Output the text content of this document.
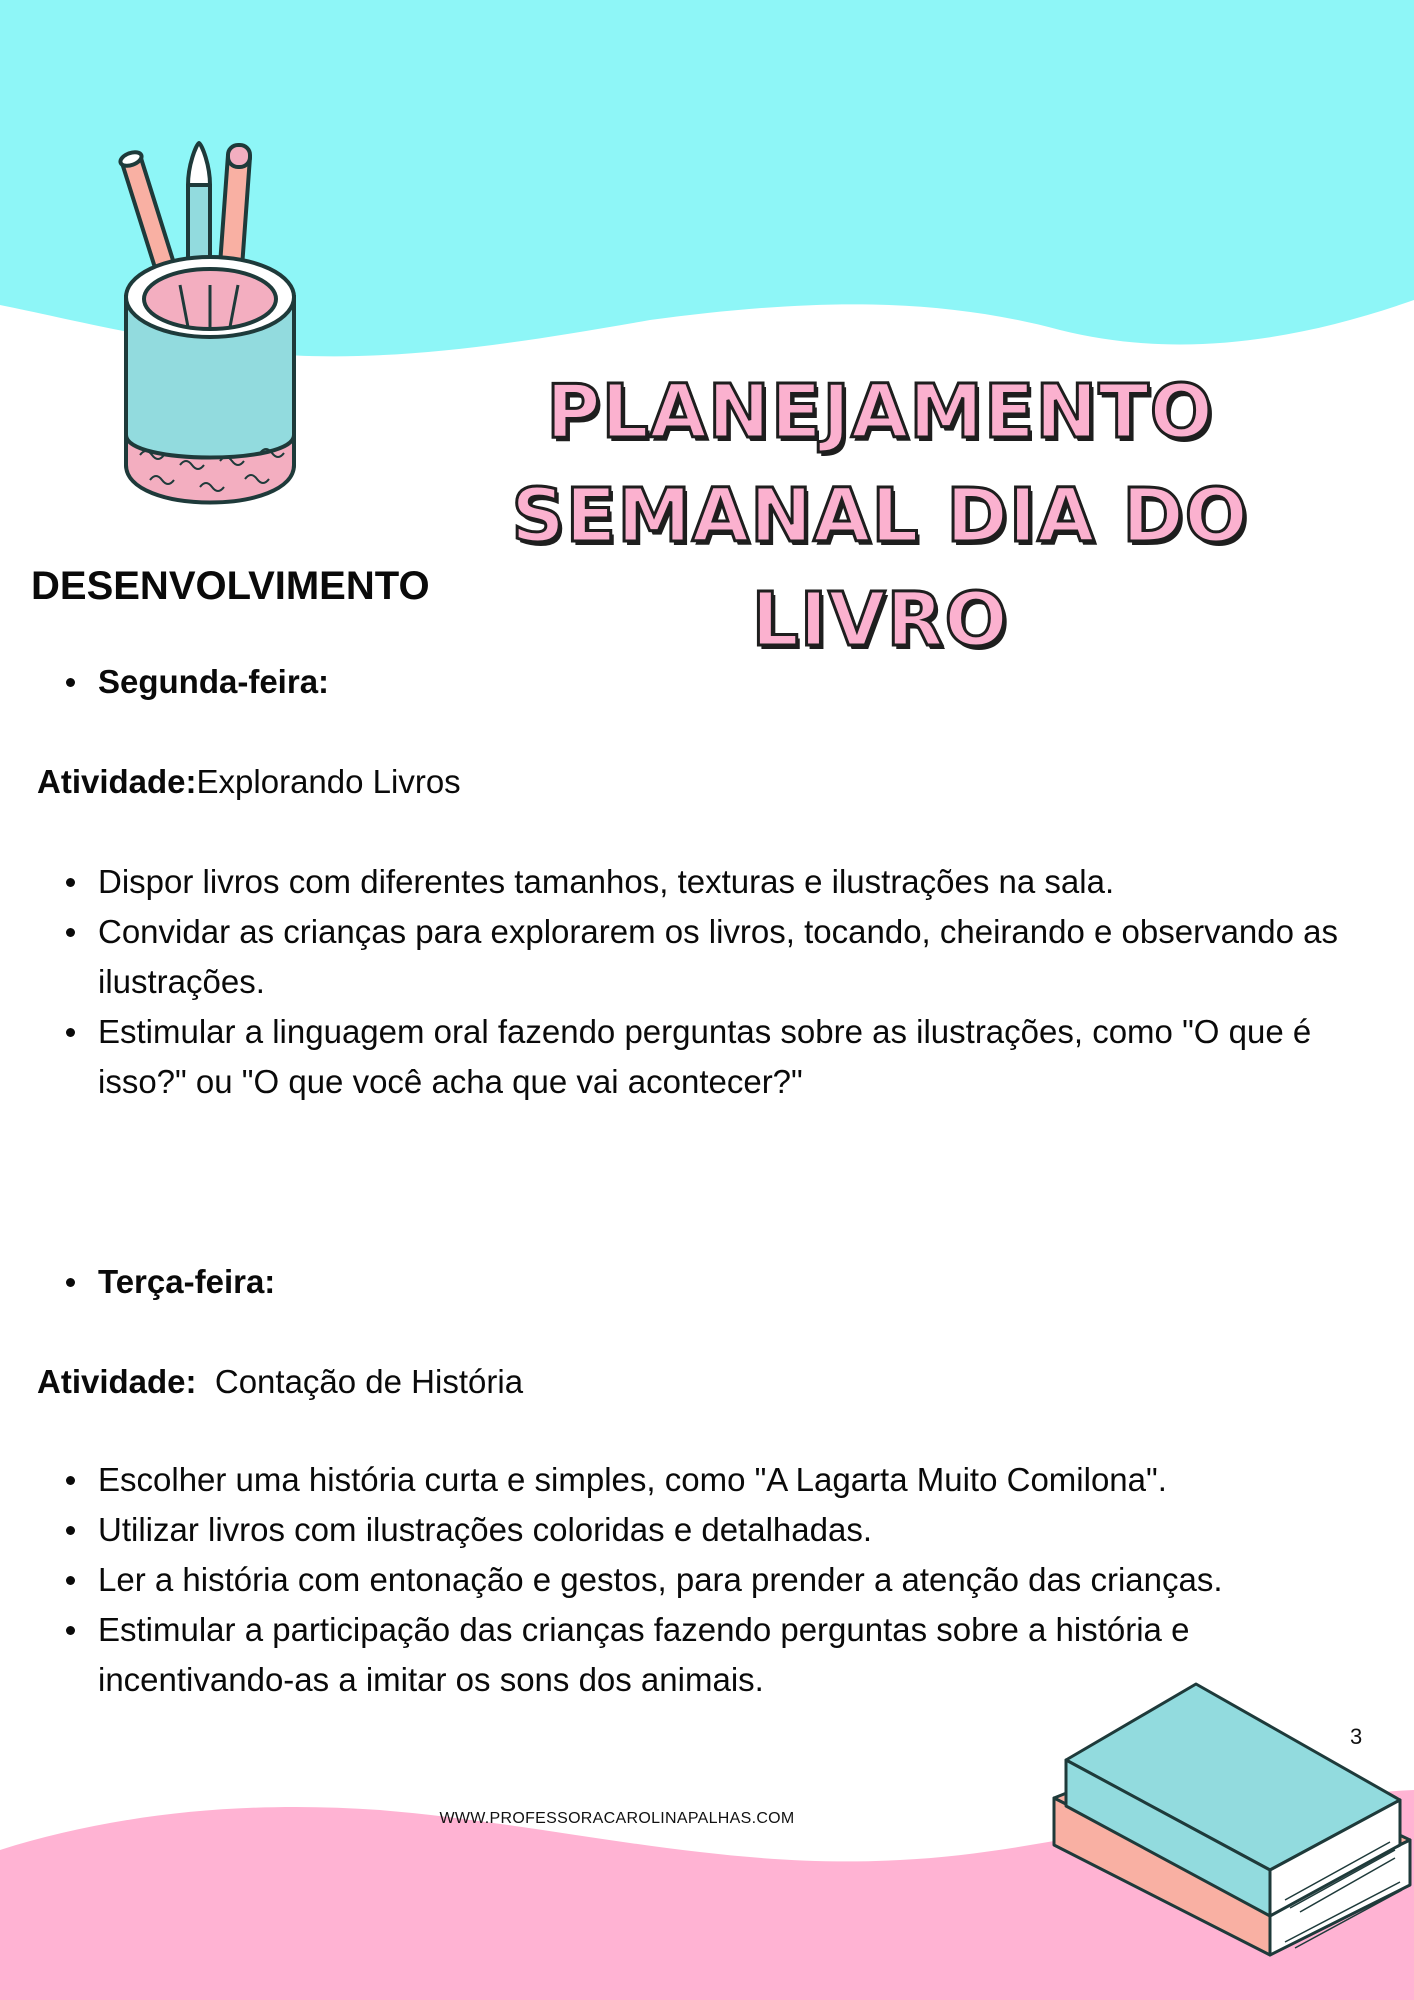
PLANEJAMENTO
SEMANAL DIA DO LIVRO
DESENVOLVIMENTO
Segunda-feira:

Atividade:Explorando Livros

Dispor livros com diferentes tamanhos, texturas e ilustrações na sala.
Convidar as crianças para explorarem os livros, tocando, cheirando e observando as ilustrações.
Estimular a linguagem oral fazendo perguntas sobre as ilustrações, como "O que é isso?" ou "O que você acha que vai acontecer?"
Terça-feira:

Atividade: Contação de História

Escolher uma história curta e simples, como "A Lagarta Muito Comilona".
Utilizar livros com ilustrações coloridas e detalhadas.
Ler a história com entonação e gestos, para prender a atenção das crianças.
Estimular a participação das crianças fazendo perguntas sobre a história e incentivando-as a imitar os sons dos animais.
WWW.PROFESSORACAROLINAPALHAS.COM
3
